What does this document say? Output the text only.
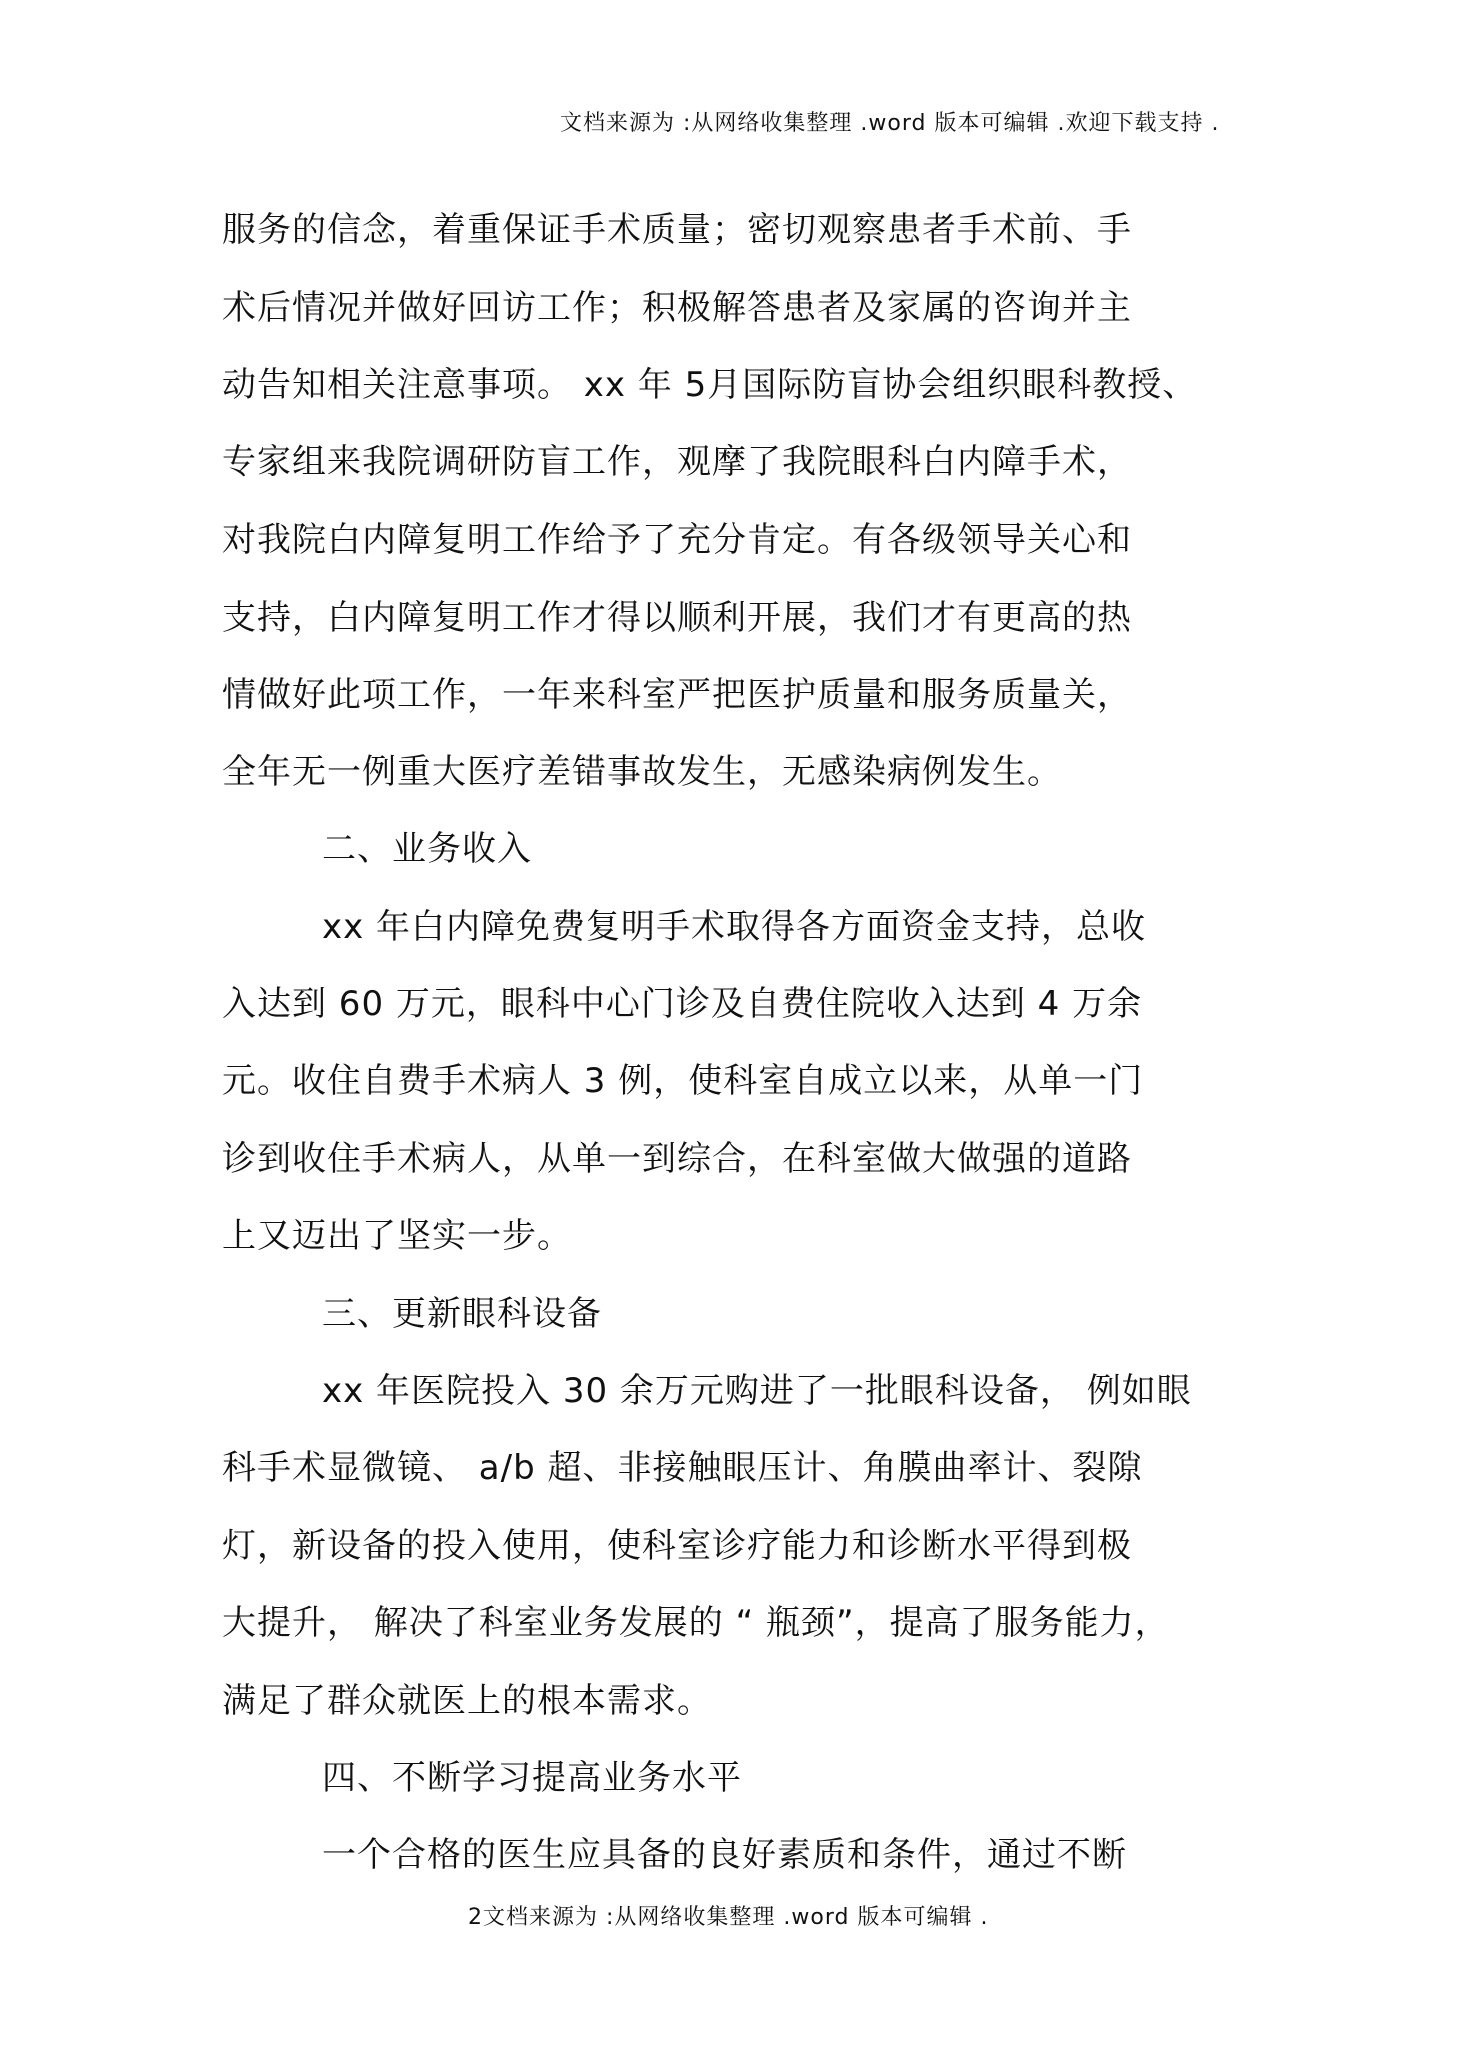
文档来源为 :从网络收集整理 .word 版本可编辑 .欢迎下载支持 .
服务的信念，着重保证手术质量；密切观察患者手术前、手
术后情况并做好回访工作；积极解答患者及家属的咨询并主
动告知相关注意事项。 xx 年 5月国际防盲协会组织眼科教授、
专家组来我院调研防盲工作，观摩了我院眼科白内障手术，
对我院白内障复明工作给予了充分肯定。有各级领导关心和
支持，白内障复明工作才得以顺利开展，我们才有更高的热
情做好此项工作，一年来科室严把医护质量和服务质量关，
全年无一例重大医疗差错事故发生，无感染病例发生。
二、业务收入
xx 年白内障免费复明手术取得各方面资金支持，总收
入达到 60 万元，眼科中心门诊及自费住院收入达到 4 万余
元。收住自费手术病人 3 例，使科室自成立以来，从单一门
诊到收住手术病人，从单一到综合，在科室做大做强的道路
上又迈出了坚实一步。
三、更新眼科设备
xx 年医院投入 30 余万元购进了一批眼科设备， 例如眼
科手术显微镜、 a/b 超、非接触眼压计、角膜曲率计、裂隙
灯，新设备的投入使用，使科室诊疗能力和诊断水平得到极
大提升， 解决了科室业务发展的 “ 瓶颈”，提高了服务能力，
满足了群众就医上的根本需求。
四、不断学习提高业务水平
一个合格的医生应具备的良好素质和条件，通过不断
2文档来源为 :从网络收集整理 .word 版本可编辑 .
